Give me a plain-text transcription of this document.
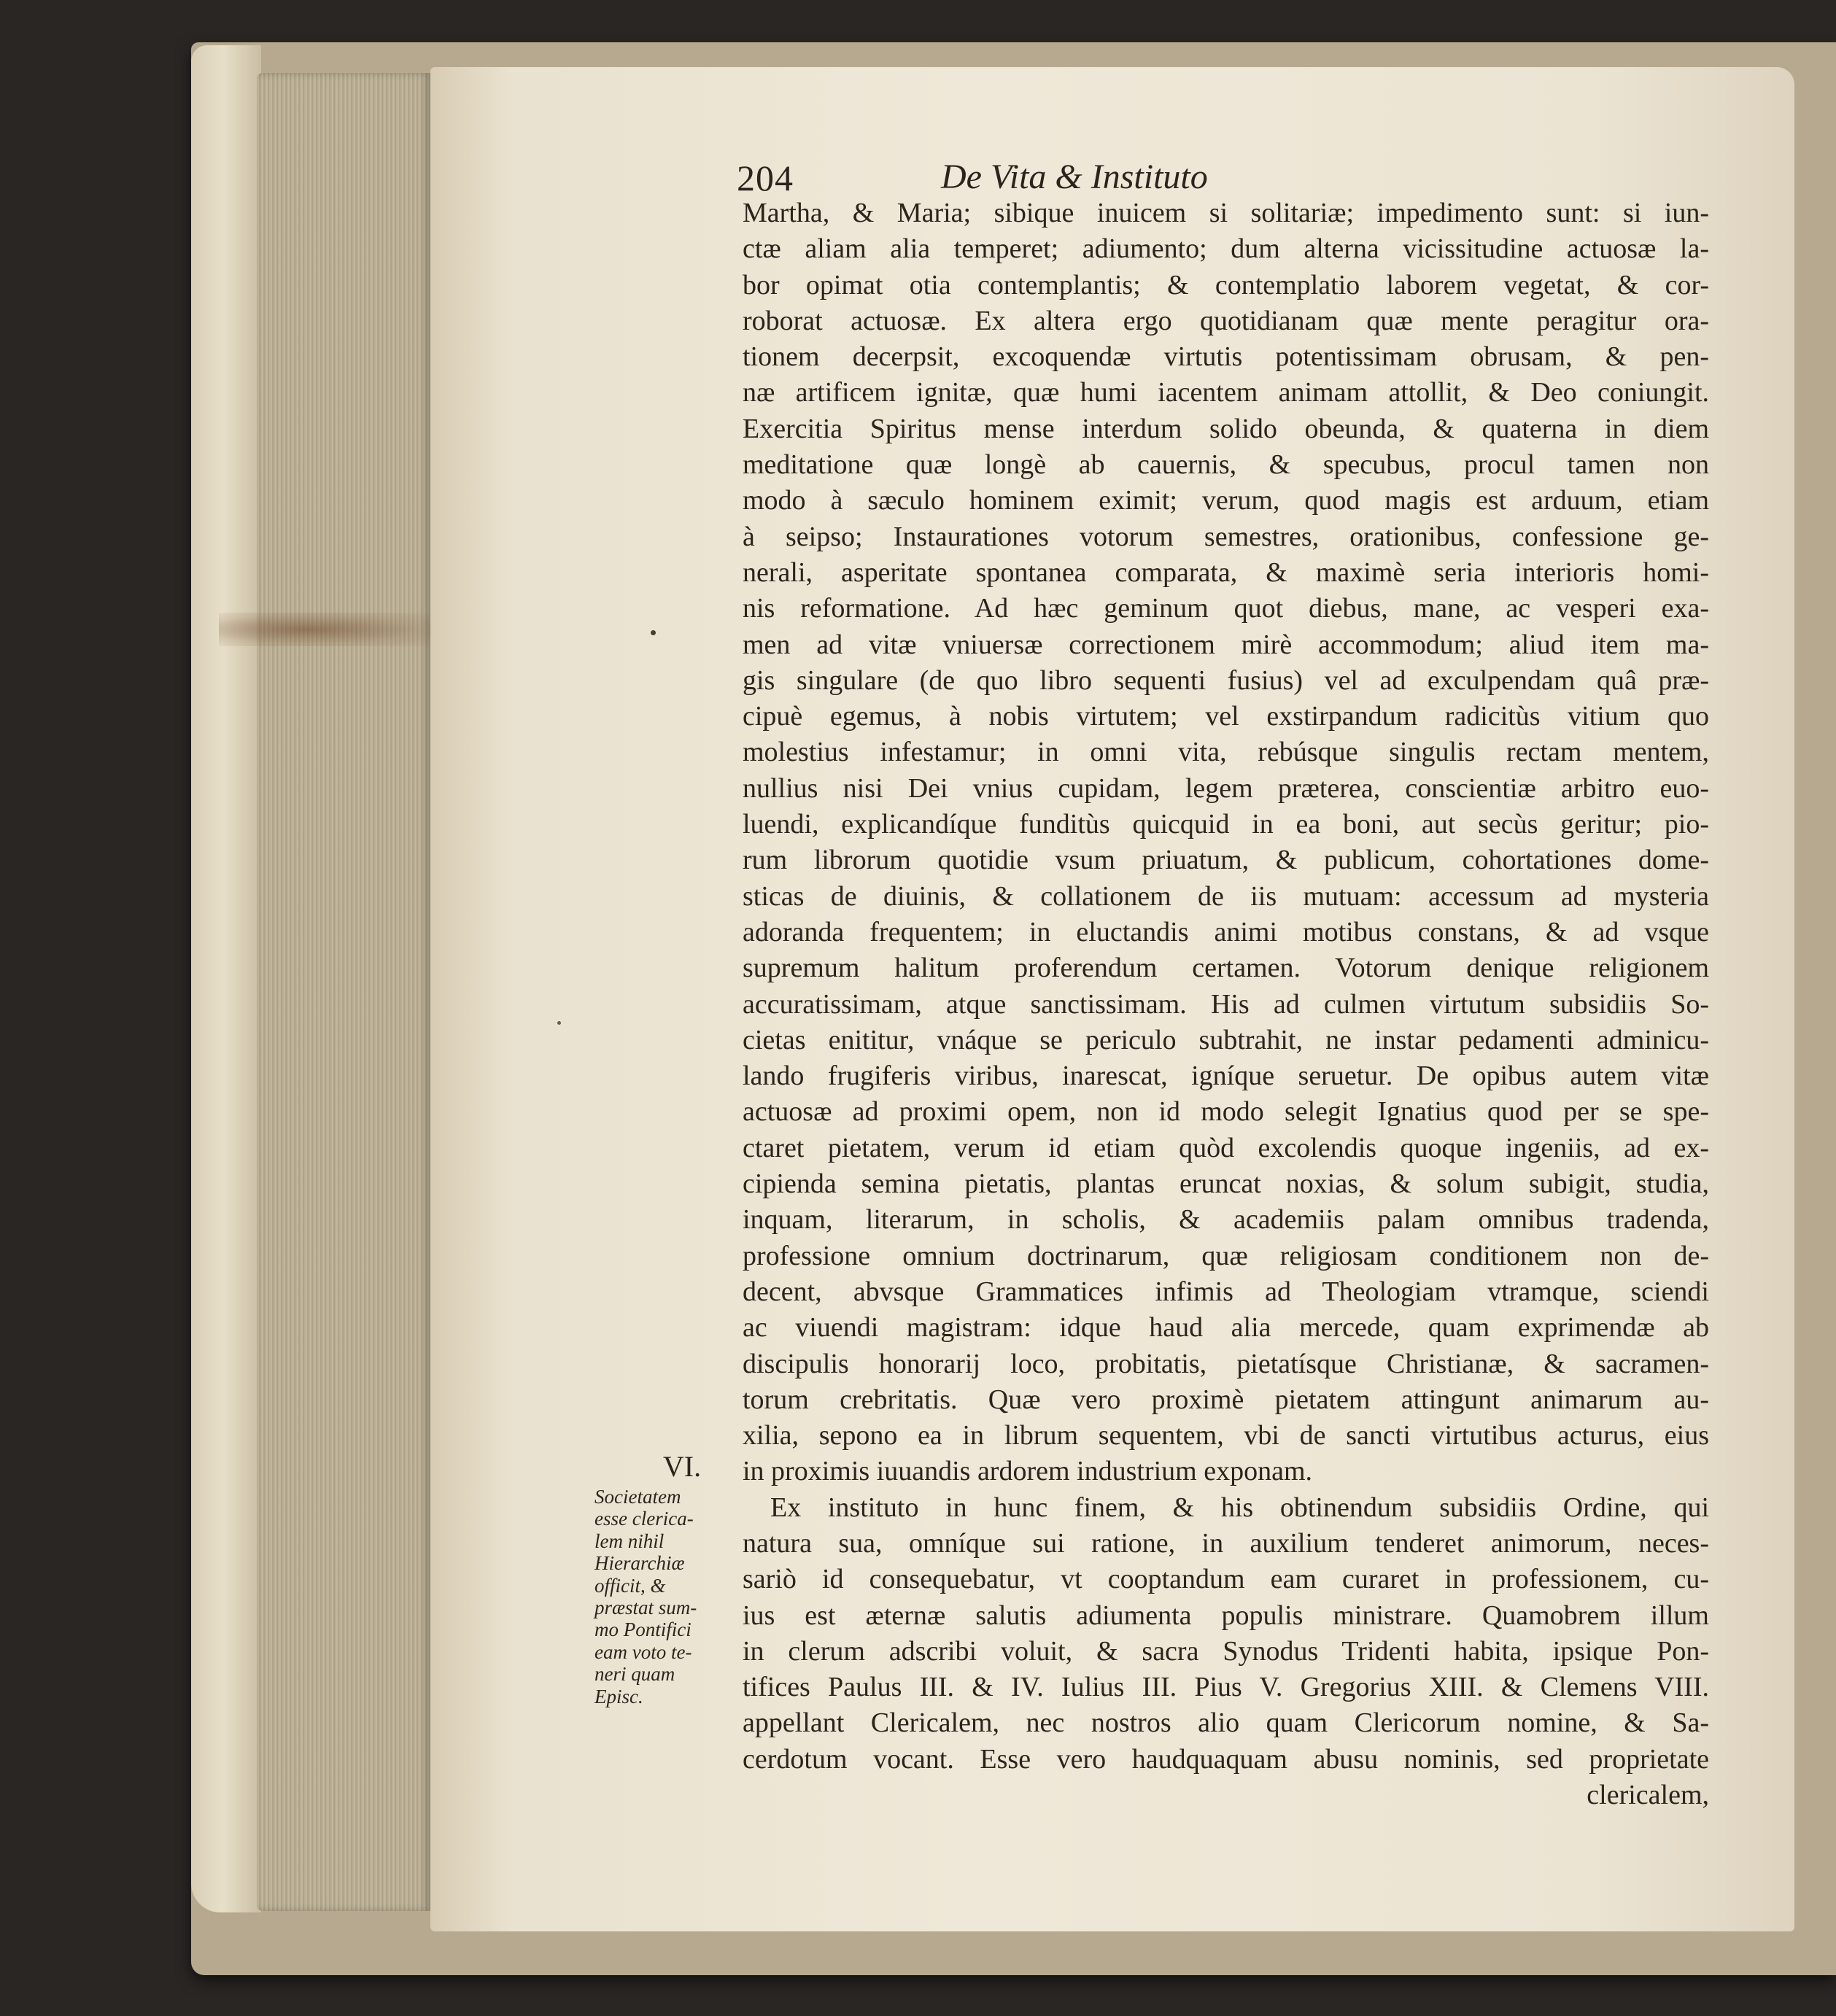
204	De Vita & Instituto
Martha, & Maria; sibique inuicem si solitariæ; impedimento sunt: si iun-
ctæ aliam alia temperet; adiumento; dum alterna vicissitudine actuosæ la-
bor opimat otia contemplantis; & contemplatio laborem vegetat, & cor-
roborat actuosæ. Ex altera ergo quotidianam quæ mente peragitur ora-
tionem decerpsit, excoquendæ virtutis potentissimam obrusam, & pen-
næ artificem ignitæ, quæ humi iacentem animam attollit, & Deo coniungit.
Exercitia Spiritus mense interdum solido obeunda, & quaterna in diem
meditatione quæ longè ab cauernis, & specubus, procul tamen non
modo à sæculo hominem eximit; verum, quod magis est arduum, etiam
à seipso; Instaurationes votorum semestres, orationibus, confessione ge-
nerali, asperitate spontanea comparata, & maximè seria interioris homi-
nis reformatione. Ad hæc geminum quot diebus, mane, ac vesperi exa-
men ad vitæ vniuersæ correctionem mirè accommodum; aliud item ma-
gis singulare (de quo libro sequenti fusius) vel ad exculpendam quâ præ-
cipuè egemus, à nobis virtutem; vel exstirpandum radicitùs vitium quo
molestius infestamur; in omni vita, rebúsque singulis rectam mentem,
nullius nisi Dei vnius cupidam, legem præterea, conscientiæ arbitro euo-
luendi, explicandíque funditùs quicquid in ea boni, aut secùs geritur; pio-
rum librorum quotidie vsum priuatum, & publicum, cohortationes dome-
sticas de diuinis, & collationem de iis mutuam: accessum ad mysteria
adoranda frequentem; in eluctandis animi motibus constans, & ad vsque
supremum halitum proferendum certamen. Votorum denique religionem
accuratissimam, atque sanctissimam. His ad culmen virtutum subsidiis So-
cietas enititur, vnáque se periculo subtrahit, ne instar pedamenti adminicu-
lando frugiferis viribus, inarescat, igníque seruetur. De opibus autem vitæ
actuosæ ad proximi opem, non id modo selegit Ignatius quod per se spe-
ctaret pietatem, verum id etiam quòd excolendis quoque ingeniis, ad ex-
cipienda semina pietatis, plantas eruncat noxias, & solum subigit, studia,
inquam, literarum, in scholis, & academiis palam omnibus tradenda,
professione omnium doctrinarum, quæ religiosam conditionem non de-
decent, abvsque Grammatices infimis ad Theologiam vtramque, sciendi
ac viuendi magistram: idque haud alia mercede, quam exprimendæ ab
discipulis honorarij loco, probitatis, pietatísque Christianæ, & sacramen-
torum crebritatis. Quæ vero proximè pietatem attingunt animarum au-
xilia, sepono ea in librum sequentem, vbi de sancti virtutibus acturus, eius
in proximis iuuandis ardorem industrium exponam.
Ex instituto in hunc finem, & his obtinendum subsidiis Ordine, qui
natura sua, omníque sui ratione, in auxilium tenderet animorum, neces-
sariò id consequebatur, vt cooptandum eam curaret in professionem, cu-
ius est æternæ salutis adiumenta populis ministrare. Quamobrem illum
in clerum adscribi voluit, & sacra Synodus Tridenti habita, ipsique Pon-
tifices Paulus III. & IV. Iulius III. Pius V. Gregorius XIII. & Clemens VIII.
appellant Clericalem, nec nostros alio quam Clericorum nomine, & Sa-
cerdotum vocant. Esse vero haudquaquam abusu nominis, sed proprietate
clericalem,
VI.
Societatem
esse clerica-
lem nihil
Hierarchiæ
officit, &
præstat sum-
mo Pontifici
eam voto te-
neri quam
Episc.
